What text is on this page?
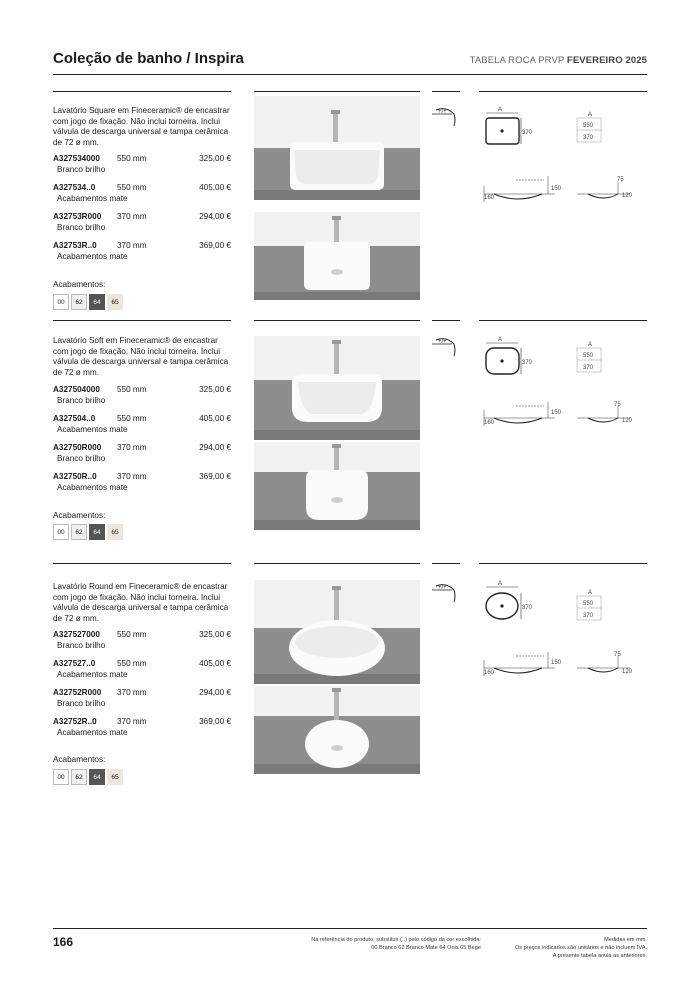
Coleção de banho / Inspira	TABELA ROCA PRVP FEVEREIRO 2025
Lavatório Square em Fineceramic® de encastrar com jogo de fixação. Não inclui torneira. Inclui válvula de descarga universal e tampa cerâmica de 72 ø mm.
A327534000 550 mm	325,00 €
Branco brilho
A327534..0	550 mm	405,00 €
Acabamentos mate
A32753R000 370 mm	294,00 €
Branco brilho
A32753R..0 370 mm	369,00 €
Acabamentos mate
Acabamentos:
00	62	64	65
+/+	A
370
A
550
370
150
160
75
120
Lavatório Soft em Fineceramic® de encastrar com jogo de fixação. Não inclui torneira. Inclui válvula de descarga universal e tampa cerâmica de 72 ø mm.
A327504000 550 mm	325,00 €
Branco brilho
A327504..0	550 mm	405,00 €
Acabamentos mate
A32750R000 370 mm	294,00 €
Branco brilho
A32750R..0 370 mm	369,00 €
Acabamentos mate
Acabamentos:
00	62	64	65
+/+	A
370
A
550
370
150
160
75
120
Lavatório Round em Fineceramic® de encastrar com jogo de fixação. Não inclui torneira. Inclui válvula de descarga universal e tampa cerâmica de 72 ø mm.
A327527000 550 mm	325,00 €
Branco brilho
A327527..0	550 mm	405,00 €
Acabamentos mate
A32752R000 370 mm	294,00 €
Branco brilho
A32752R..0 370 mm	369,00 €
Acabamentos mate
Acabamentos:
00	62	64	65
+/+
A
370
A
550
370
150
160
75
120
166	Na referência do produto, substituir (..) pelo código da cor escolhida:
00 Branco 62 Branco Mate 64 Onix 65 Bege
Medidas em mm.
Os preços indicados são unitários e não incluem IVA.
A presente tabela anula as anteriores.
